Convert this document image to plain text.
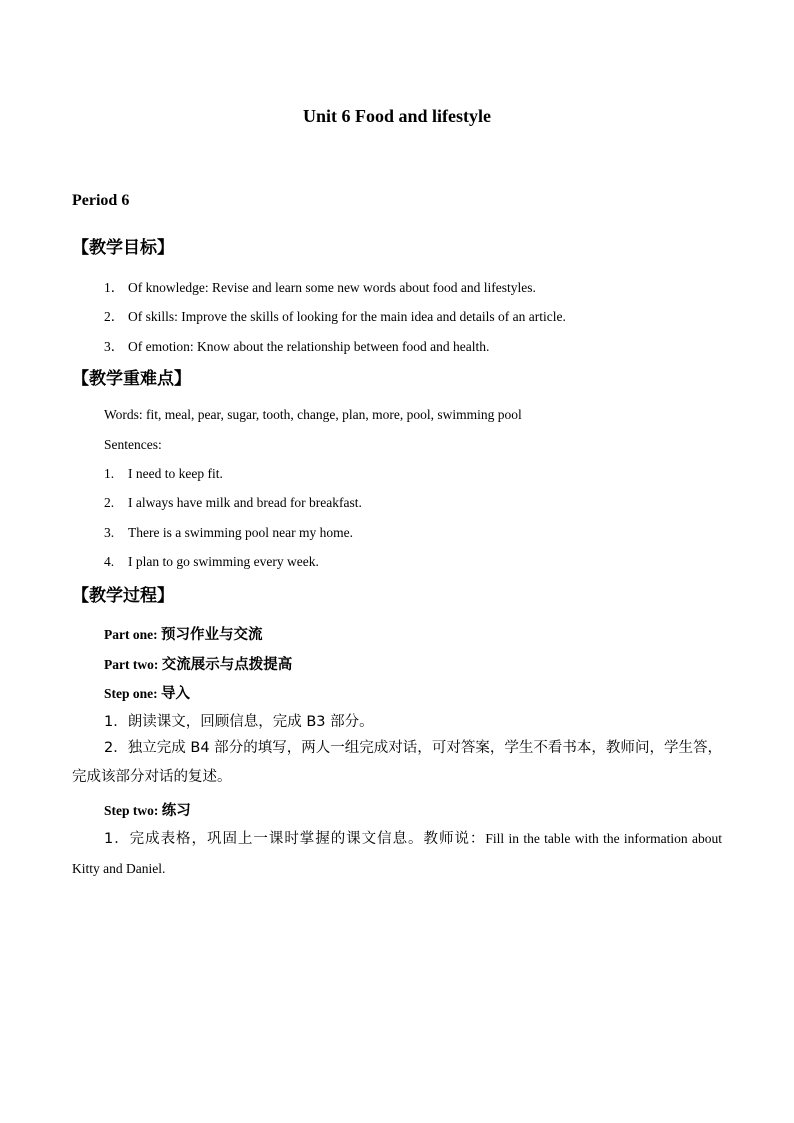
Unit 6 Food and lifestyle
Period 6
【教学目标】
1． Of knowledge: Revise and learn some new words about food and lifestyles.
2． Of skills: Improve the skills of looking for the main idea and details of an article.
3． Of emotion: Know about the relationship between food and health.
【教学重难点】
Words: fit, meal, pear, sugar, tooth, change, plan, more, pool, swimming pool
Sentences:
1. I need to keep fit.
2. I always have milk and bread for breakfast.
3. There is a swimming pool near my home.
4. I plan to go swimming every week.
【教学过程】
Part one: 预习作业与交流
Part two: 交流展示与点拨提高
Step one: 导入
1．朗读课文，回顾信息，完成 B3 部分。
2．独立完成 B4 部分的填写，两人一组完成对话，可对答案，学生不看书本，教师问，学生答，完成该部分对话的复述。
Step two: 练习
1．完成表格，巩固上一课时掌握的课文信息。教师说：Fill in the table with the information about Kitty and Daniel.
